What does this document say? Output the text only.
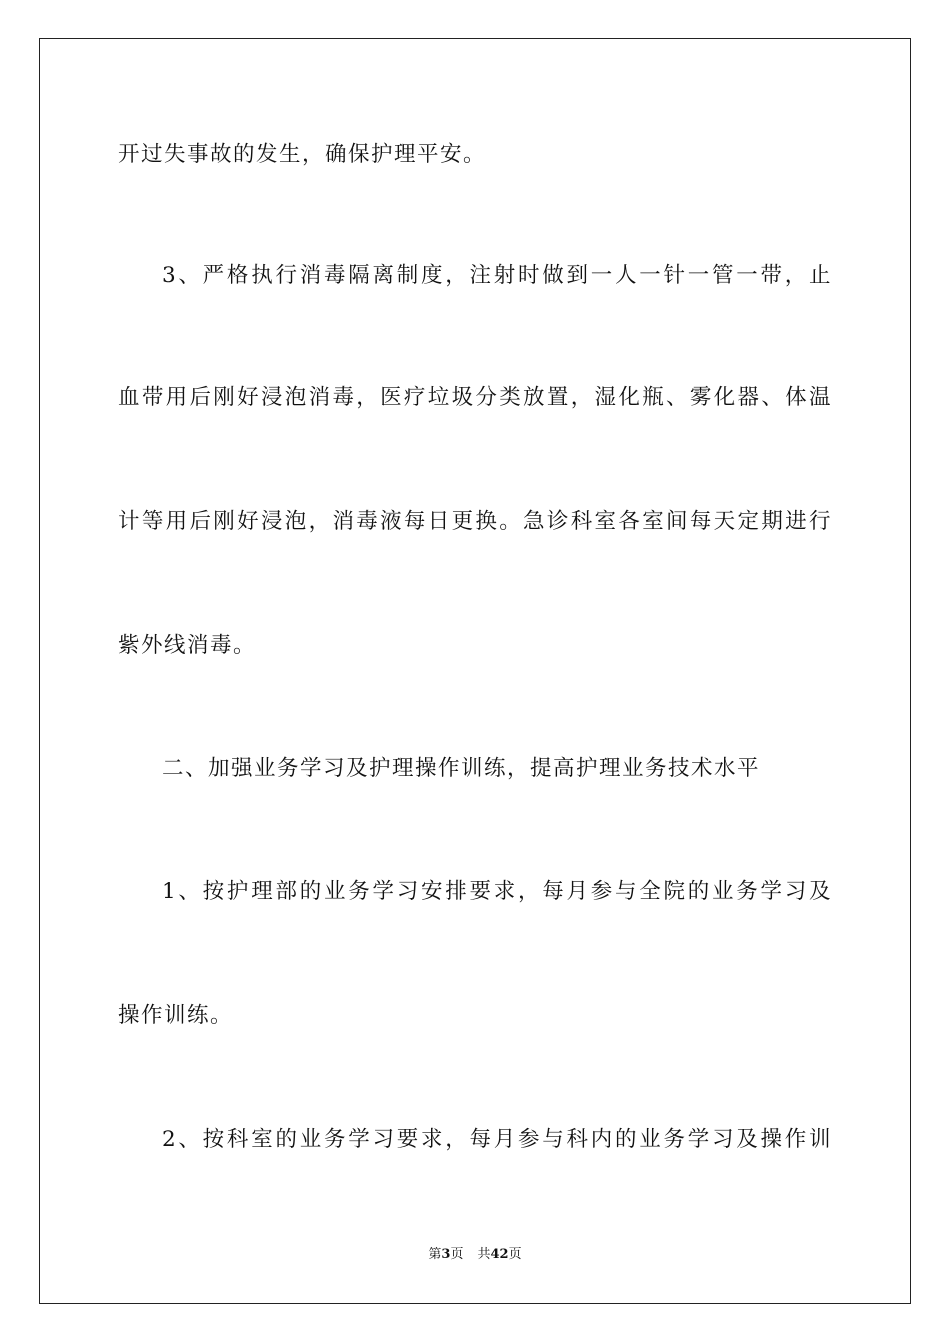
开过失事故的发生，确保护理平安。
3、严格执行消毒隔离制度，注射时做到一人一针一管一带，止
血带用后刚好浸泡消毒，医疗垃圾分类放置，湿化瓶、雾化器、体温
计等用后刚好浸泡，消毒液每日更换。急诊科室各室间每天定期进行
紫外线消毒。
二、加强业务学习及护理操作训练，提高护理业务技术水平
1、按护理部的业务学习安排要求，每月参与全院的业务学习及
操作训练。
2、按科室的业务学习要求，每月参与科内的业务学习及操作训
第3页 共42页
